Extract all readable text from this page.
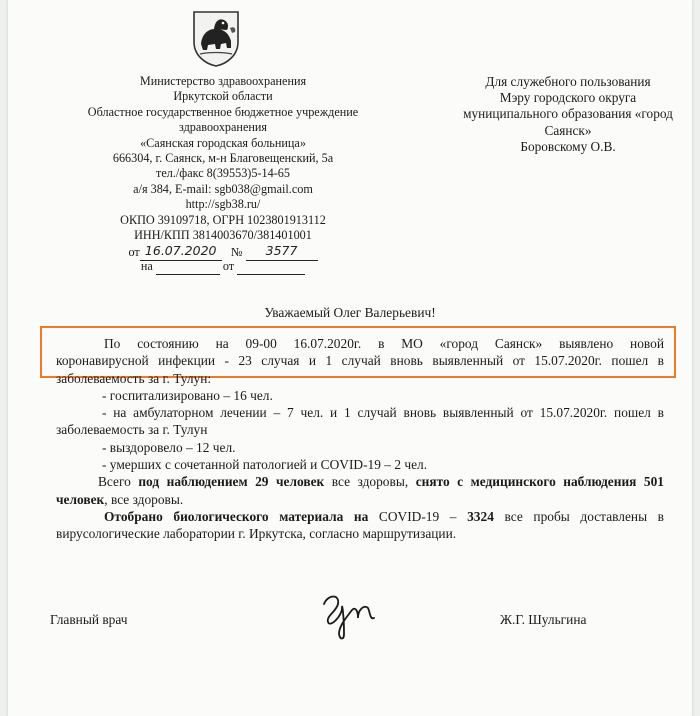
Министерство здравоохранения
Иркутской области
Областное государственное бюджетное учреждение
здравоохранения
«Саянская городская больница»
666304, г. Саянск, м-н Благовещенский, 5а
тел./факс 8(39553)5-14-65
а/я 384, E-mail: sgb038@gmail.com
http://sgb38.ru/
ОКПО 39109718, ОГРН 1023801913112
ИНН/КПП 3814003670/381401001
от 16.07.2020 № 3577
на	от
Для служебного пользования
Мэру городского округа
муниципального образования «город
Саянск»
Боровскому О.В.
Уважаемый Олег Валерьевич!

По состоянию на 09-00 16.07.2020г. в МО «город Саянск» выявлено новой

коронавирусной инфекции - 23 случая и 1 случай вновь выявленный от 15.07.2020г. пошел в

заболеваемость за г. Тулун:

- госпитализировано – 16 чел.

- на амбулаторном лечении – 7 чел. и 1 случай вновь выявленный от 15.07.2020г. пошел в

заболеваемость за г. Тулун

- выздоровело – 12 чел.

- умерших с сочетанной патологией и COVID-19 – 2 чел.

Всего под наблюдением 29 человек все здоровы, снято с медицинского наблюдения 501 человек, все здоровы.

Отобрано биологического материала на COVID-19 – 3324 все пробы доставлены в вирусологические лаборатории г. Иркутска, согласно маршрутизации.

Главный врач	Ж.Г. Шульгина
